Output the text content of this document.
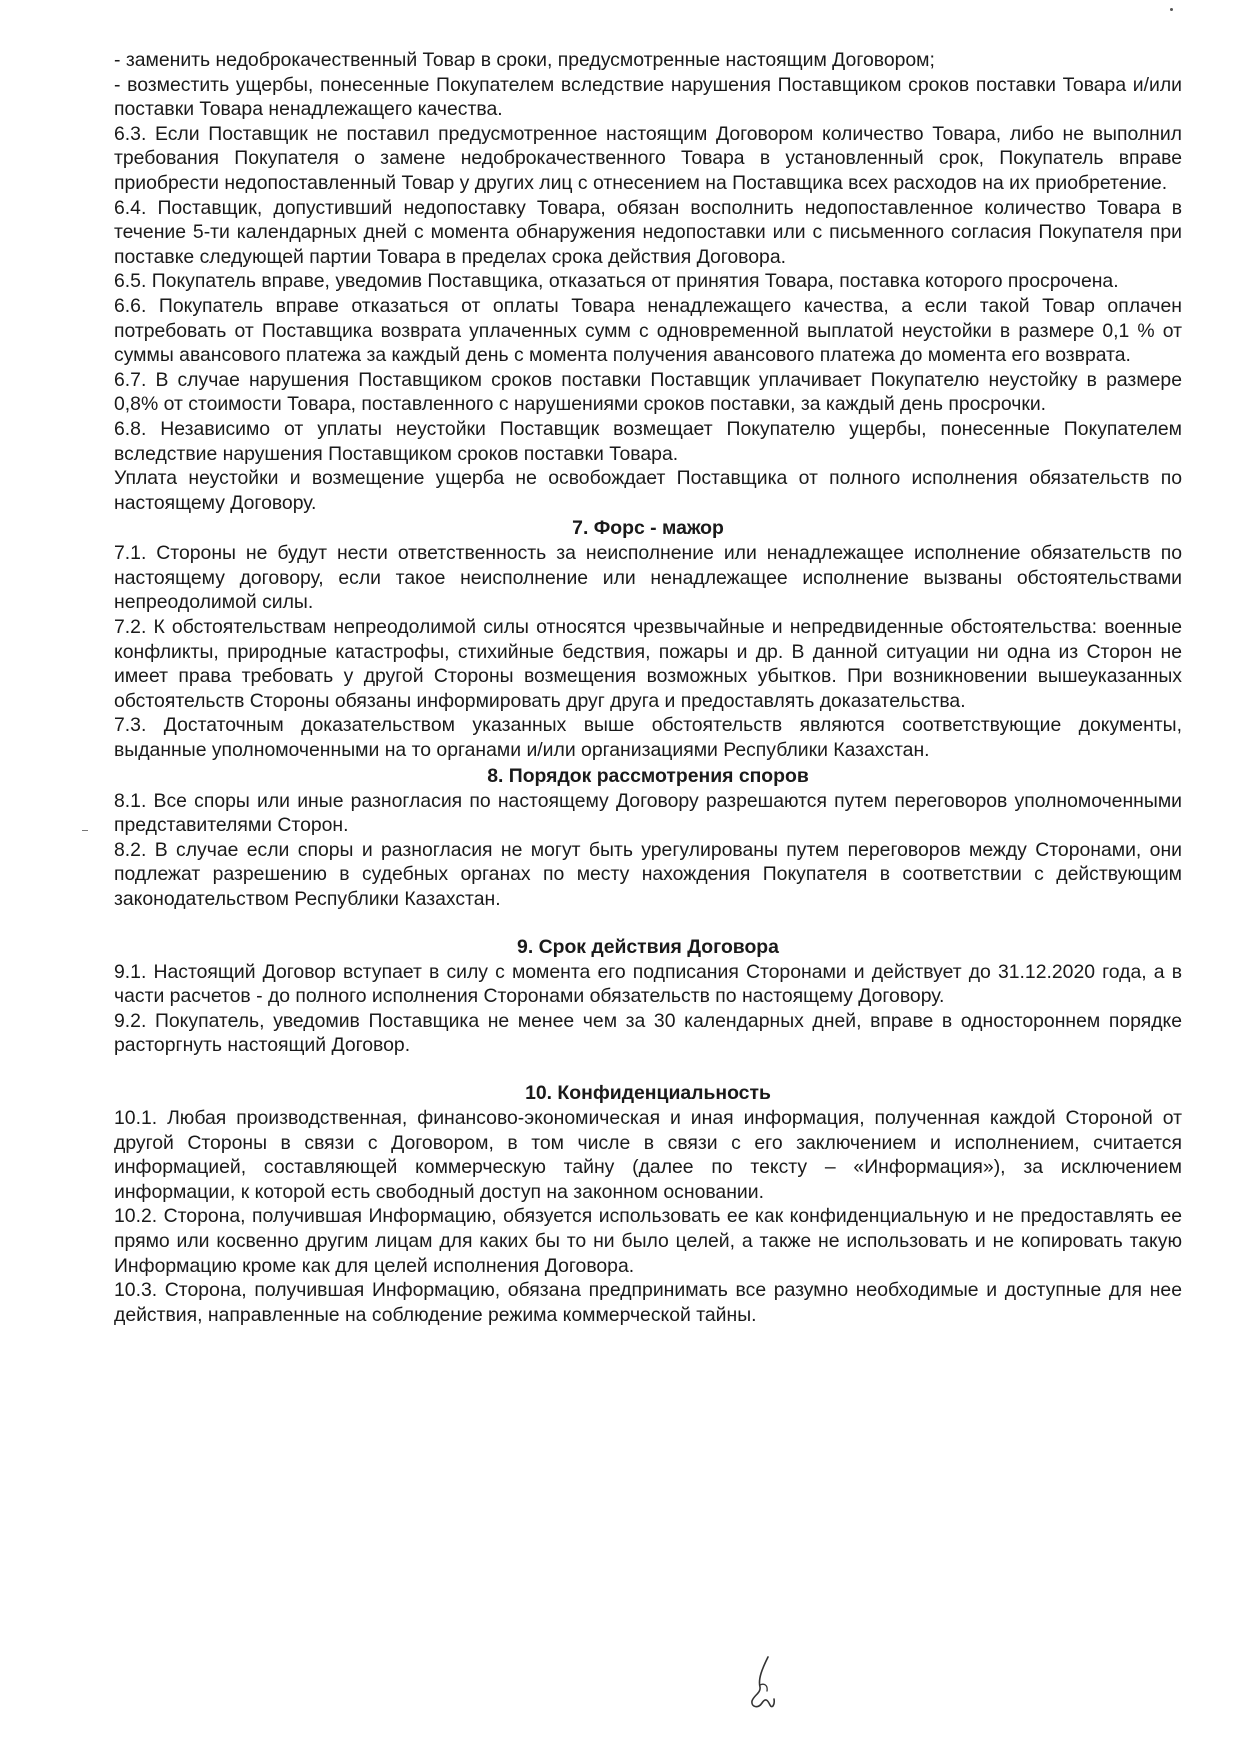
- заменить недоброкачественный Товар в сроки, предусмотренные настоящим Договором;

- возместить ущербы, понесенные Покупателем вследствие нарушения Поставщиком сроков поставки Товара и/или поставки Товара ненадлежащего качества.

6.3. Если Поставщик не поставил предусмотренное настоящим Договором количество Товара, либо не выполнил требования Покупателя о замене недоброкачественного Товара в установленный срок, Покупатель вправе приобрести недопоставленный Товар у других лиц с отнесением на Поставщика всех расходов на их приобретение.

6.4. Поставщик, допустивший недопоставку Товара, обязан восполнить недопоставленное количество Товара в течение 5-ти календарных дней с момента обнаружения недопоставки или с письменного согласия Покупателя при поставке следующей партии Товара в пределах срока действия Договора.

6.5. Покупатель вправе, уведомив Поставщика, отказаться от принятия Товара, поставка которого просрочена.

6.6. Покупатель вправе отказаться от оплаты Товара ненадлежащего качества, а если такой Товар оплачен потребовать от Поставщика возврата уплаченных сумм с одновременной выплатой неустойки в размере 0,1 % от суммы авансового платежа за каждый день с момента получения авансового платежа до момента его возврата.

6.7. В случае нарушения Поставщиком сроков поставки Поставщик уплачивает Покупателю неустойку в размере 0,8% от стоимости Товара, поставленного с нарушениями сроков поставки, за каждый день просрочки.

6.8. Независимо от уплаты неустойки Поставщик возмещает Покупателю ущербы, понесенные Покупателем вследствие нарушения Поставщиком сроков поставки Товара.

Уплата неустойки и возмещение ущерба не освобождает Поставщика от полного исполнения обязательств по настоящему Договору.

7. Форс - мажор

7.1. Стороны не будут нести ответственность за неисполнение или ненадлежащее исполнение обязательств по настоящему договору, если такое неисполнение или ненадлежащее исполнение вызваны обстоятельствами непреодолимой силы.

7.2. К обстоятельствам непреодолимой силы относятся чрезвычайные и непредвиденные обстоятельства: военные конфликты, природные катастрофы, стихийные бедствия, пожары и др. В данной ситуации ни одна из Сторон не имеет права требовать у другой Стороны возмещения возможных убытков. При возникновении вышеуказанных обстоятельств Стороны обязаны информировать друг друга и предоставлять доказательства.

7.3. Достаточным доказательством указанных выше обстоятельств являются соответствующие документы, выданные уполномоченными на то органами и/или организациями Республики Казахстан.

8. Порядок рассмотрения споров

8.1. Все споры или иные разногласия по настоящему Договору разрешаются путем переговоров уполномоченными представителями Сторон.

8.2. В случае если споры и разногласия не могут быть урегулированы путем переговоров между Сторонами, они подлежат разрешению в судебных органах по месту нахождения Покупателя в соответствии с действующим законодательством Республики Казахстан.

9. Срок действия Договора

9.1. Настоящий Договор вступает в силу с момента его подписания Сторонами и действует до 31.12.2020 года, а в части расчетов - до полного исполнения Сторонами обязательств по настоящему Договору.

9.2. Покупатель, уведомив Поставщика не менее чем за 30 календарных дней, вправе в одностороннем порядке расторгнуть настоящий Договор.

10. Конфиденциальность

10.1. Любая производственная, финансово-экономическая и иная информация, полученная каждой Стороной от другой Стороны в связи с Договором, в том числе в связи с его заключением и исполнением, считается информацией, составляющей коммерческую тайну (далее по тексту – «Информация»), за исключением информации, к которой есть свободный доступ на законном основании.

10.2. Сторона, получившая Информацию, обязуется использовать ее как конфиденциальную и не предоставлять ее прямо или косвенно другим лицам для каких бы то ни было целей, а также не использовать и не копировать такую Информацию кроме как для целей исполнения Договора.

10.3. Сторона, получившая Информацию, обязана предпринимать все разумно необходимые и доступные для нее действия, направленные на соблюдение режима коммерческой тайны.
